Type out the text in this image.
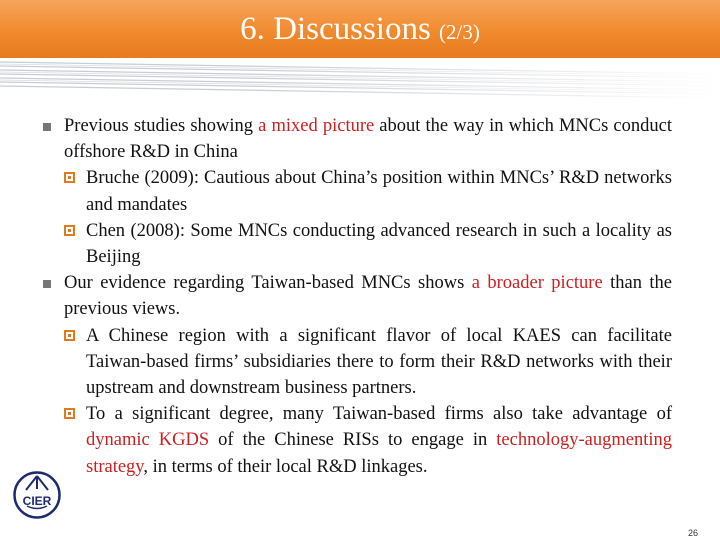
6. Discussions (2/3)

Previous studies showing a mixed picture about the way in which MNCs conduct offshore R&D in China

Bruche (2009): Cautious about China’s position within MNCs’ R&D networks and mandates

Chen (2008): Some MNCs conducting advanced research in such a locality as Beijing

Our evidence regarding Taiwan-based MNCs shows a broader picture than the previous views.

A Chinese region with a significant flavor of local KAES can facilitate Taiwan-based firms’ subsidiaries there to form their R&D networks with their upstream and downstream business partners.

To a significant degree, many Taiwan-based firms also take advantage of dynamic KGDS of the Chinese RISs to engage in technology-augmenting strategy, in terms of their local R&D linkages.

CIER
26
